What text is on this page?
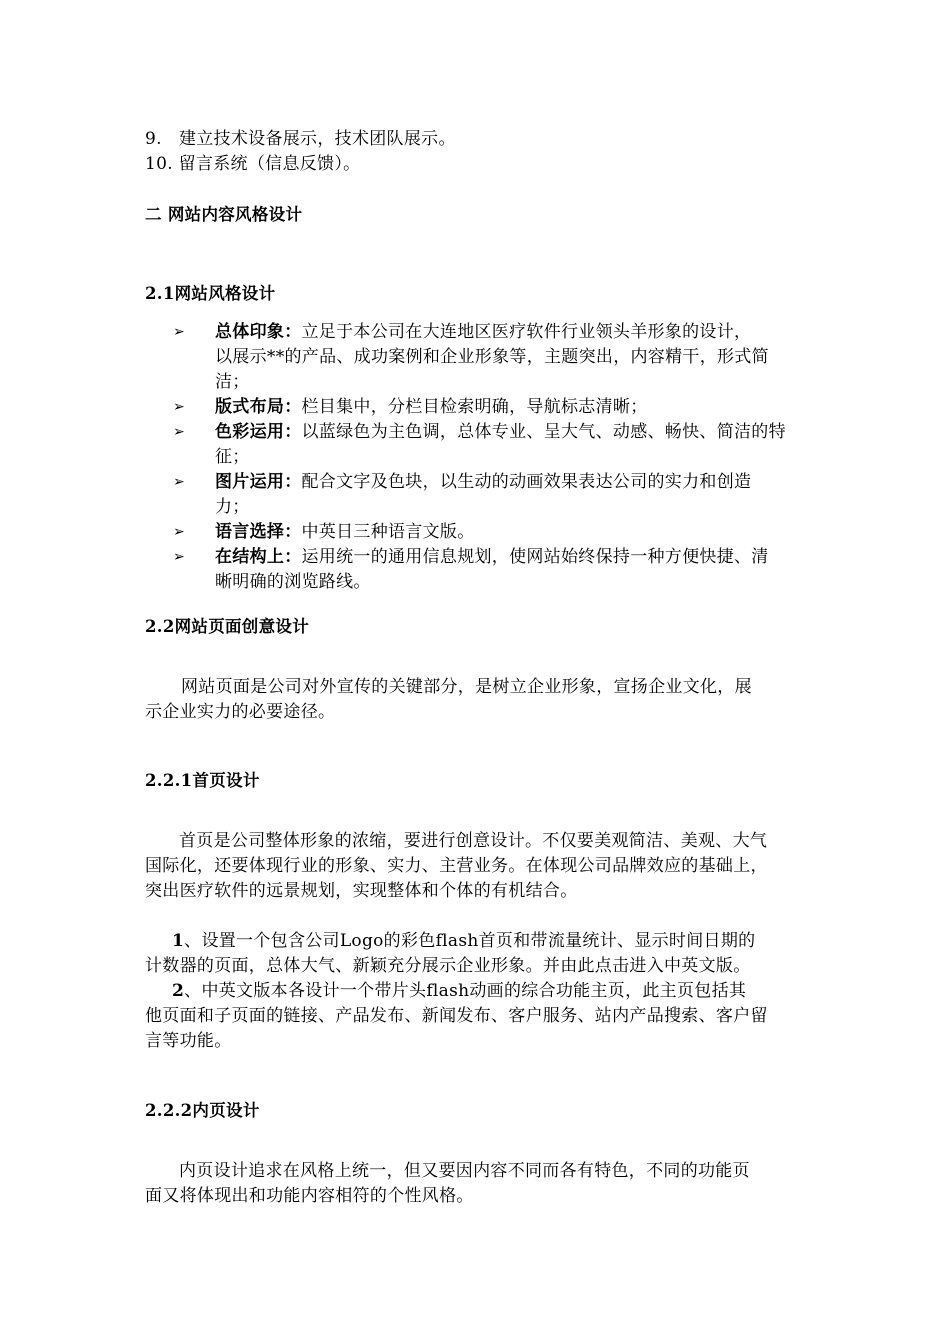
9. 建立技术设备展示，技术团队展示。
10. 留言系统（信息反馈）。
二 网站内容风格设计
2.1网站风格设计
➢ 总体印象：立足于本公司在大连地区医疗软件行业领头羊形象的设计，
以展示**的产品、成功案例和企业形象等，主题突出，内容精干，形式简
洁；
➢ 版式布局：栏目集中，分栏目检索明确，导航标志清晰；
➢ 色彩运用：以蓝绿色为主色调，总体专业、呈大气、动感、畅快、简洁的特
征；
➢ 图片运用：配合文字及色块，以生动的动画效果表达公司的实力和创造
力；
➢ 语言选择：中英日三种语言文版。
➢ 在结构上：运用统一的通用信息规划，使网站始终保持一种方便快捷、清
晰明确的浏览路线。
2.2网站页面创意设计
网站页面是公司对外宣传的关键部分，是树立企业形象，宣扬企业文化，展
示企业实力的必要途径。
2.2.1首页设计
首页是公司整体形象的浓缩，要进行创意设计。不仅要美观简洁、美观、大气
国际化，还要体现行业的形象、实力、主营业务。在体现公司品牌效应的基础上，
突出医疗软件的远景规划，实现整体和个体的有机结合。
1、设置一个包含公司Logo的彩色flash首页和带流量统计、显示时间日期的
计数器的页面，总体大气、新颖充分展示企业形象。并由此点击进入中英文版。
2、中英文版本各设计一个带片头flash动画的综合功能主页，此主页包括其
他页面和子页面的链接、产品发布、新闻发布、客户服务、站内产品搜索、客户留
言等功能。
2.2.2内页设计
内页设计追求在风格上统一，但又要因内容不同而各有特色，不同的功能页
面又将体现出和功能内容相符的个性风格。
